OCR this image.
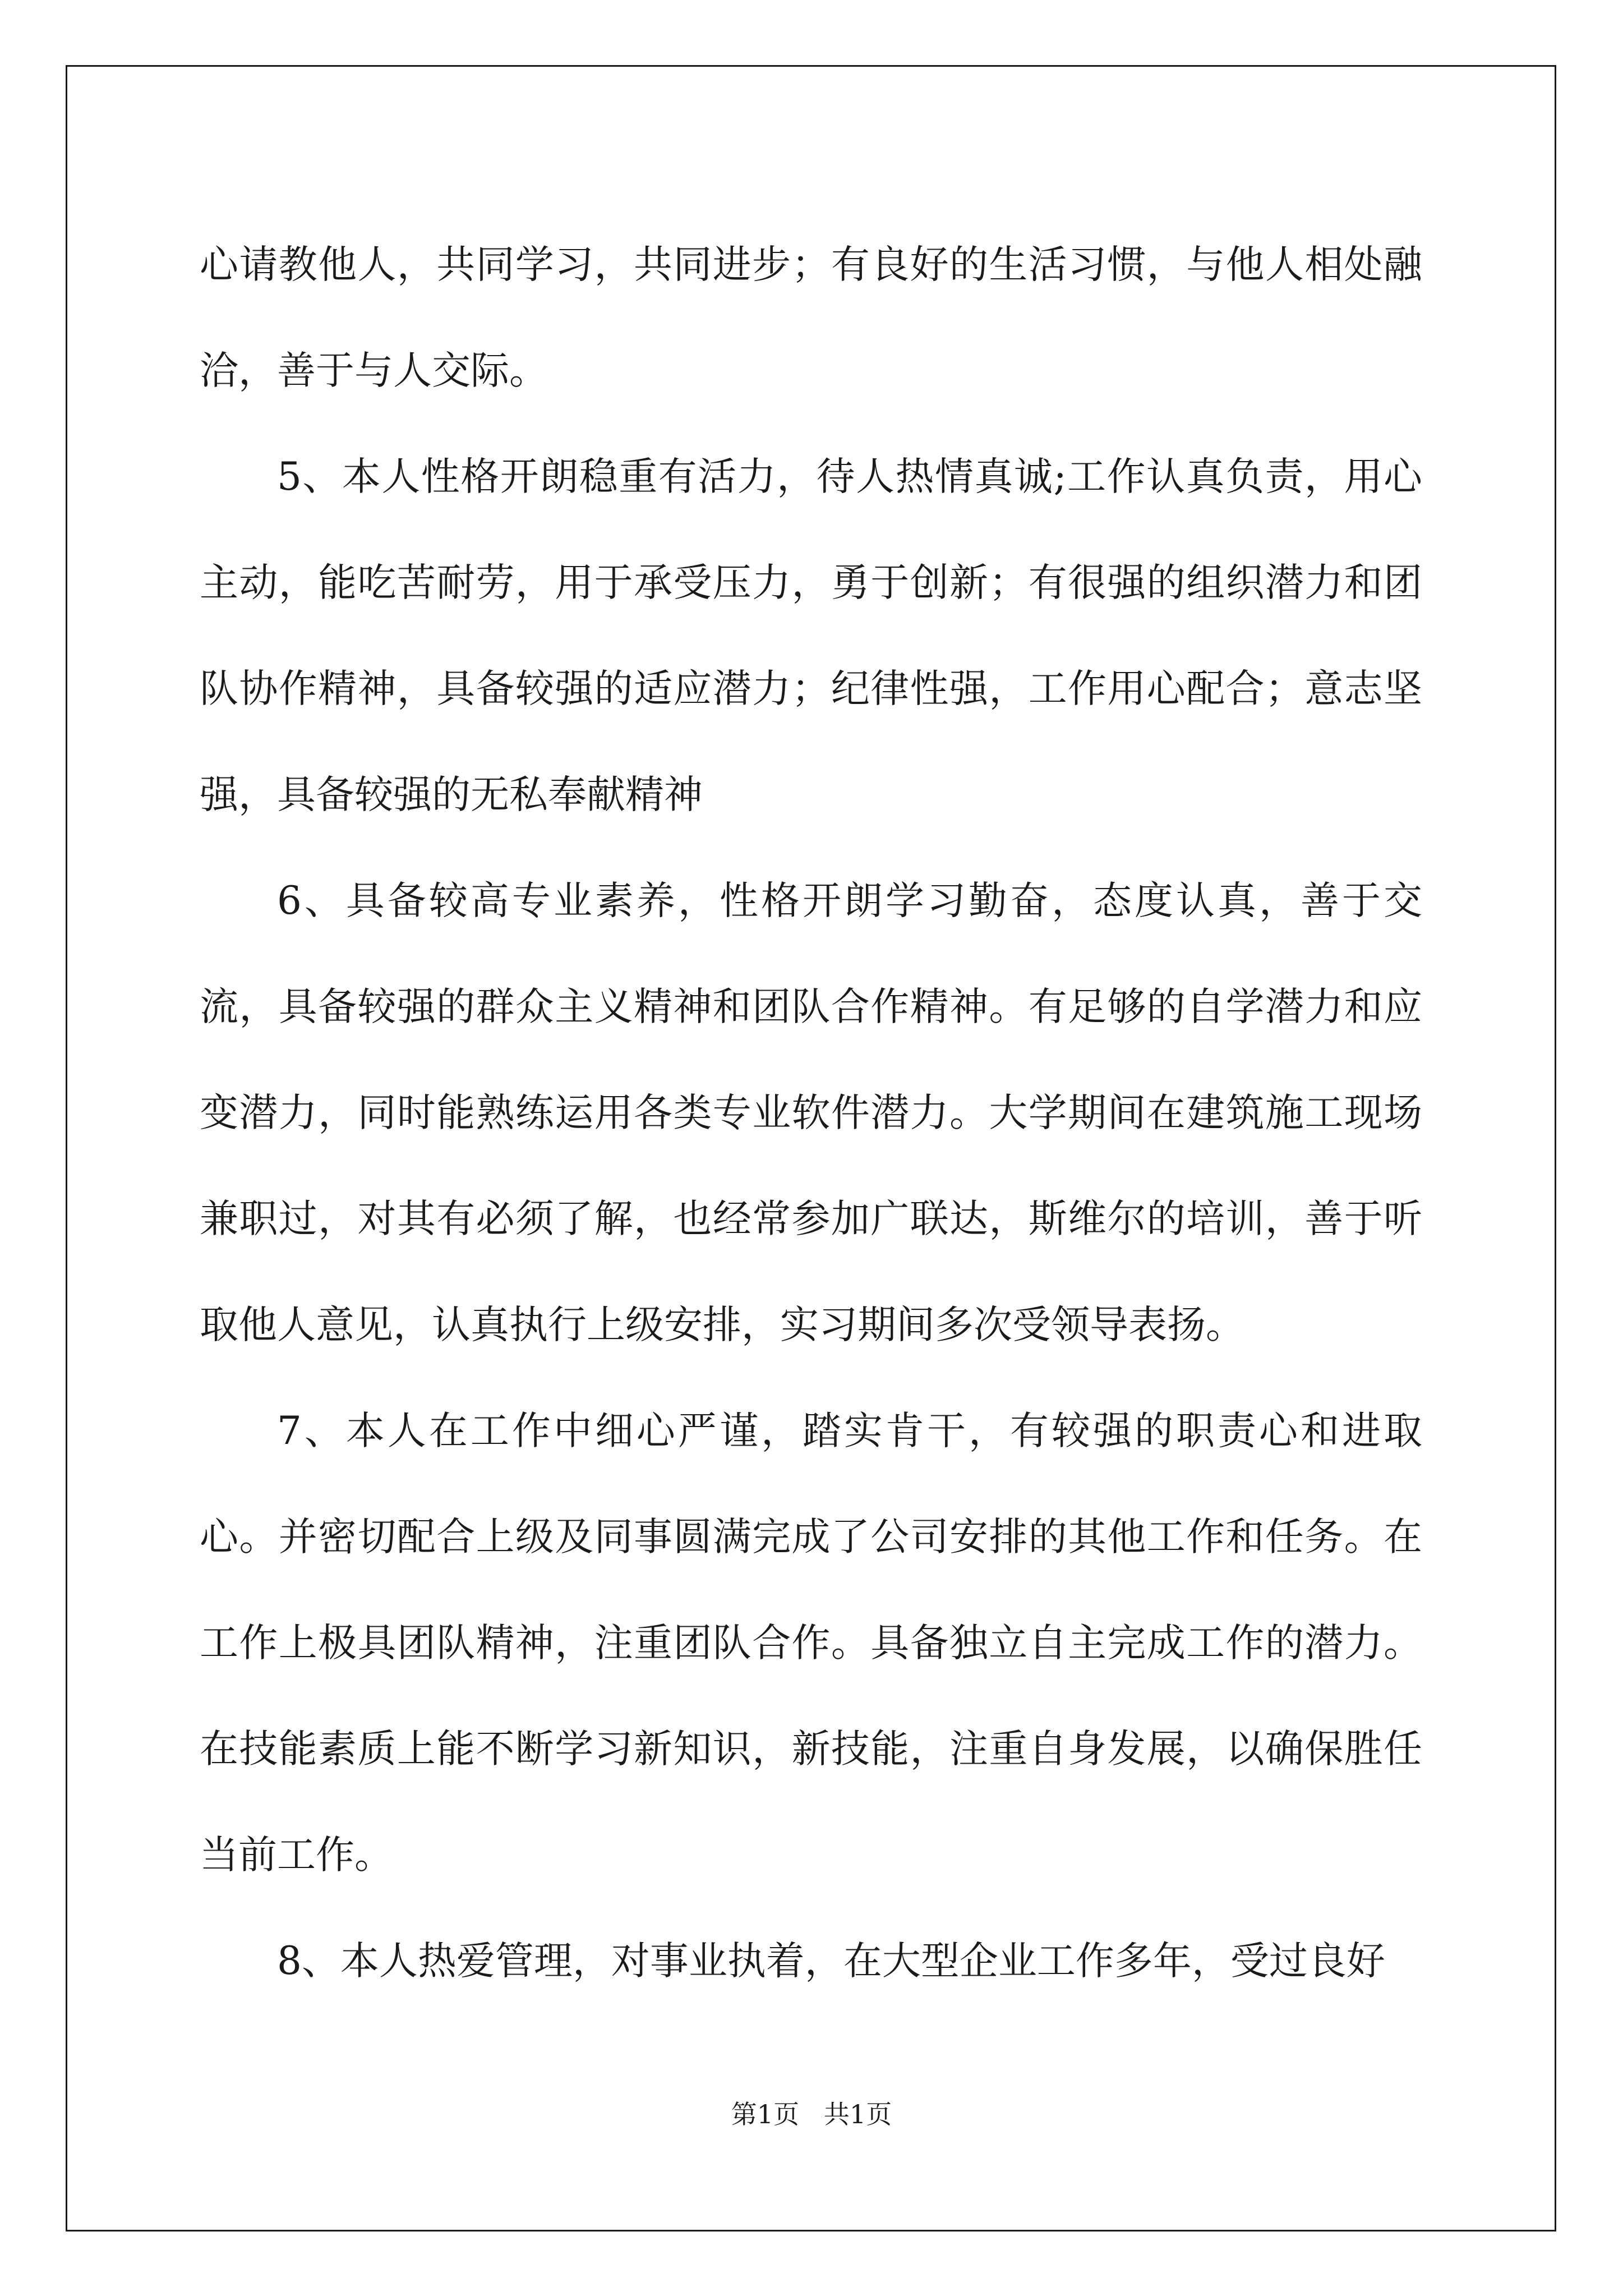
心请教他人，共同学习，共同进步；有良好的生活习惯，与他人相处融洽，善于与人交际。

5、本人性格开朗稳重有活力，待人热情真诚;工作认真负责，用心主动，能吃苦耐劳，用于承受压力，勇于创新；有很强的组织潜力和团队协作精神，具备较强的适应潜力；纪律性强，工作用心配合；意志坚强，具备较强的无私奉献精神

6、具备较高专业素养，性格开朗学习勤奋，态度认真，善于交流，具备较强的群众主义精神和团队合作精神。有足够的自学潜力和应变潜力，同时能熟练运用各类专业软件潜力。大学期间在建筑施工现场兼职过，对其有必须了解，也经常参加广联达，斯维尔的培训，善于听取他人意见，认真执行上级安排，实习期间多次受领导表扬。

7、本人在工作中细心严谨，踏实肯干，有较强的职责心和进取心。并密切配合上级及同事圆满完成了公司安排的其他工作和任务。在工作上极具团队精神，注重团队合作。具备独立自主完成工作的潜力。在技能素质上能不断学习新知识，新技能，注重自身发展，以确保胜任当前工作。

8、本人热爱管理，对事业执着，在大型企业工作多年，受过良好

第1页   共1页
